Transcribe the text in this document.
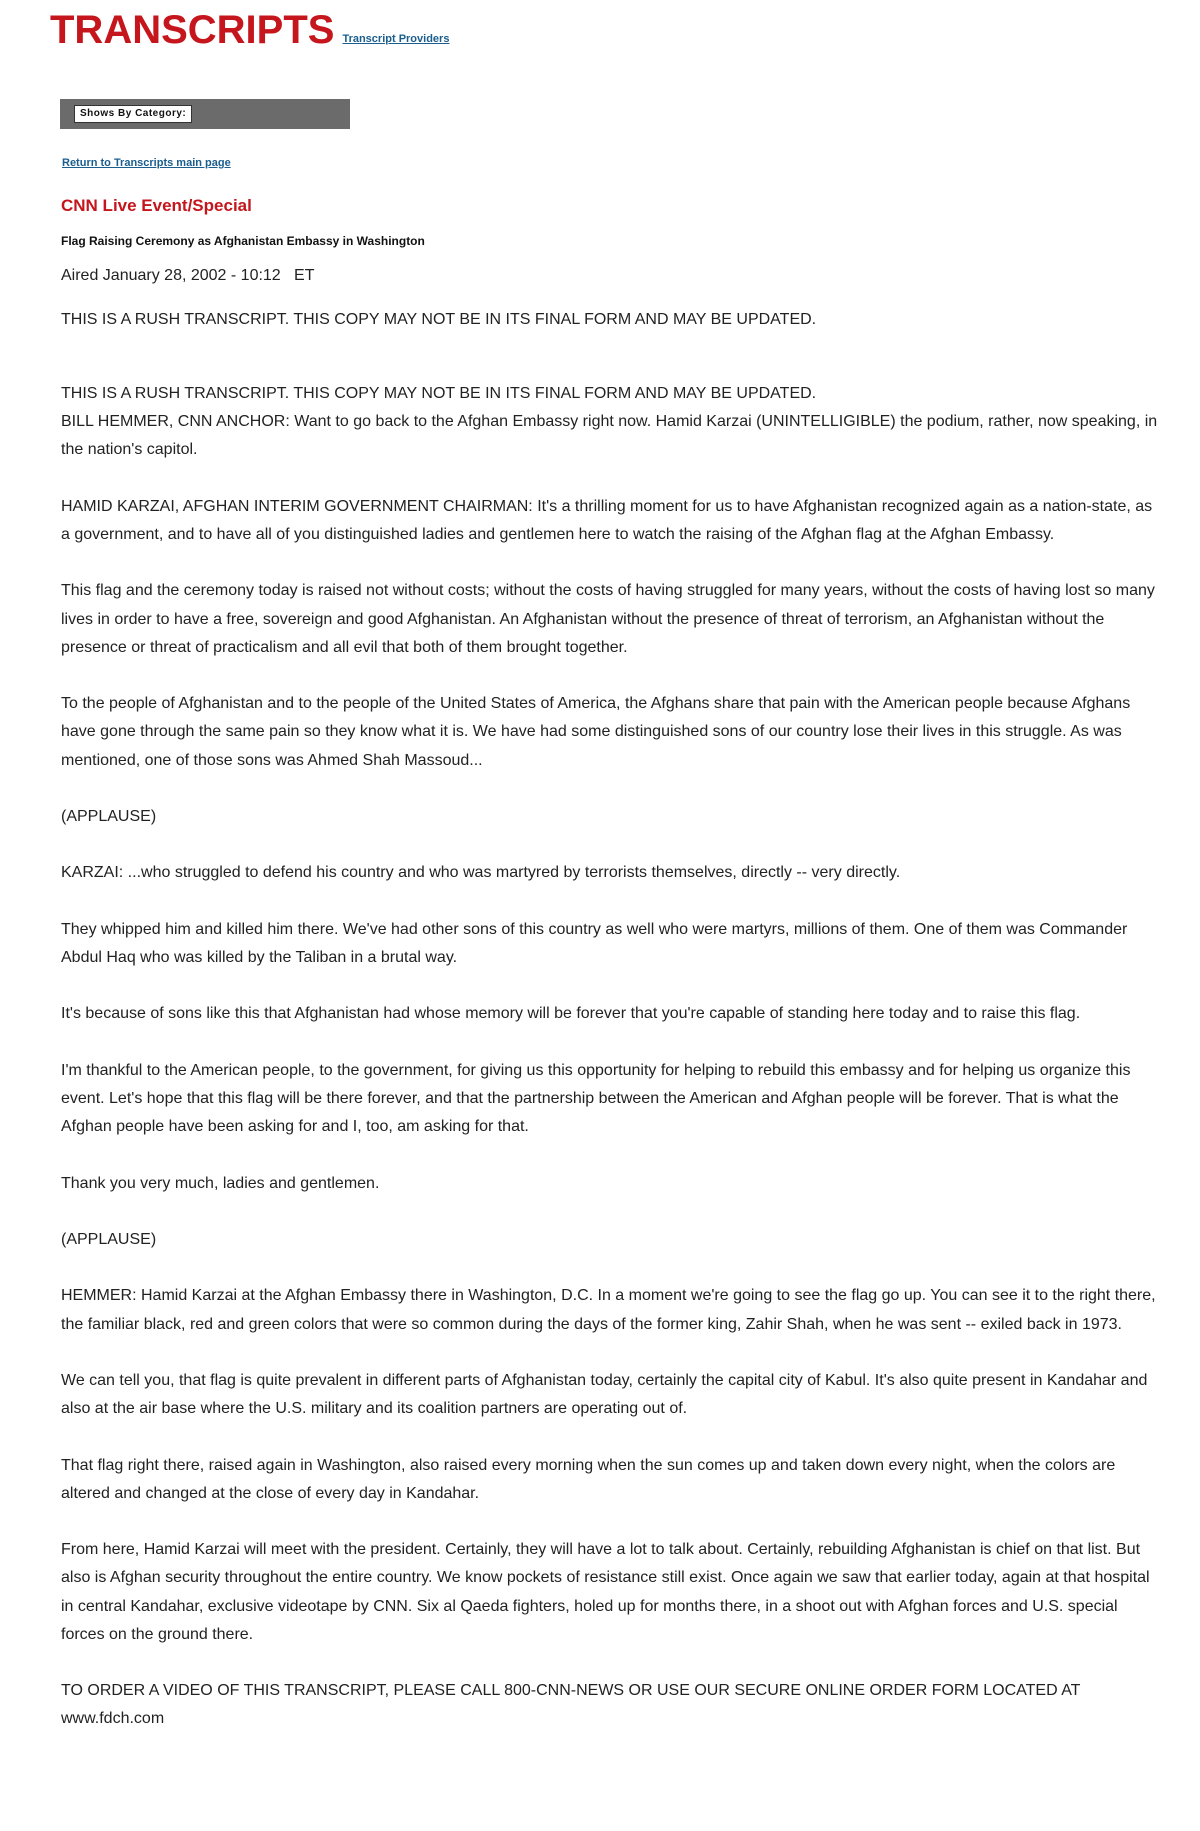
TRANSCRIPTS Transcript Providers
Shows By Category:
Return to Transcripts main page
CNN Live Event/Special
Flag Raising Ceremony as Afghanistan Embassy in Washington

Aired January 28, 2002 - 10:12   ET

THIS IS A RUSH TRANSCRIPT. THIS COPY MAY NOT BE IN ITS FINAL FORM AND MAY BE UPDATED.

THIS IS A RUSH TRANSCRIPT. THIS COPY MAY NOT BE IN ITS FINAL FORM AND MAY BE UPDATED.

BILL HEMMER, CNN ANCHOR: Want to go back to the Afghan Embassy right now. Hamid Karzai (UNINTELLIGIBLE) the podium, rather, now speaking, in the nation's capitol.

HAMID KARZAI, AFGHAN INTERIM GOVERNMENT CHAIRMAN: It's a thrilling moment for us to have Afghanistan recognized again as a nation-state, as a government, and to have all of you distinguished ladies and gentlemen here to watch the raising of the Afghan flag at the Afghan Embassy.

This flag and the ceremony today is raised not without costs; without the costs of having struggled for many years, without the costs of having lost so many lives in order to have a free, sovereign and good Afghanistan. An Afghanistan without the presence of threat of terrorism, an Afghanistan without the presence or threat of practicalism and all evil that both of them brought together.

To the people of Afghanistan and to the people of the United States of America, the Afghans share that pain with the American people because Afghans have gone through the same pain so they know what it is. We have had some distinguished sons of our country lose their lives in this struggle. As was mentioned, one of those sons was Ahmed Shah Massoud...

(APPLAUSE)

KARZAI: ...who struggled to defend his country and who was martyred by terrorists themselves, directly -- very directly.

They whipped him and killed him there. We've had other sons of this country as well who were martyrs, millions of them. One of them was Commander Abdul Haq who was killed by the Taliban in a brutal way.

It's because of sons like this that Afghanistan had whose memory will be forever that you're capable of standing here today and to raise this flag.

I'm thankful to the American people, to the government, for giving us this opportunity for helping to rebuild this embassy and for helping us organize this event. Let's hope that this flag will be there forever, and that the partnership between the American and Afghan people will be forever. That is what the Afghan people have been asking for and I, too, am asking for that.

Thank you very much, ladies and gentlemen.

(APPLAUSE)

HEMMER: Hamid Karzai at the Afghan Embassy there in Washington, D.C. In a moment we're going to see the flag go up. You can see it to the right there, the familiar black, red and green colors that were so common during the days of the former king, Zahir Shah, when he was sent -- exiled back in 1973.

We can tell you, that flag is quite prevalent in different parts of Afghanistan today, certainly the capital city of Kabul. It's also quite present in Kandahar and also at the air base where the U.S. military and its coalition partners are operating out of.

That flag right there, raised again in Washington, also raised every morning when the sun comes up and taken down every night, when the colors are altered and changed at the close of every day in Kandahar.

From here, Hamid Karzai will meet with the president. Certainly, they will have a lot to talk about. Certainly, rebuilding Afghanistan is chief on that list. But also is Afghan security throughout the entire country. We know pockets of resistance still exist. Once again we saw that earlier today, again at that hospital in central Kandahar, exclusive videotape by CNN. Six al Qaeda fighters, holed up for months there, in a shoot out with Afghan forces and U.S. special forces on the ground there.

TO ORDER A VIDEO OF THIS TRANSCRIPT, PLEASE CALL 800-CNN-NEWS OR USE OUR SECURE ONLINE ORDER FORM LOCATED AT www.fdch.com
